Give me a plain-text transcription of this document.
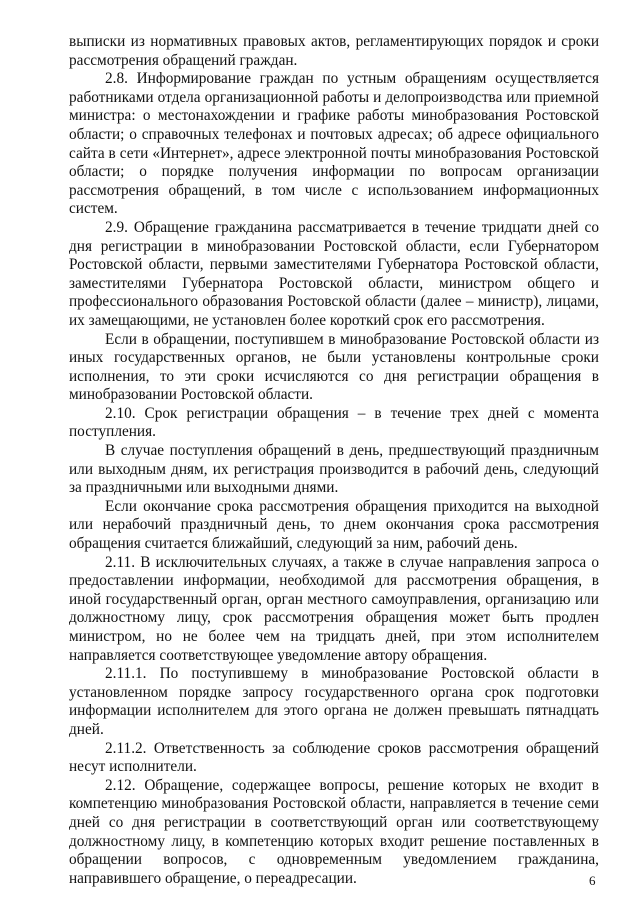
выписки из нормативных правовых актов, регламентирующих порядок и сроки рассмотрения обращений граждан.

2.8. Информирование граждан по устным обращениям осуществляется работниками отдела организационной работы и делопроизводства или приемной министра: о местонахождении и графике работы минобразования Ростовской области; о справочных телефонах и почтовых адресах; об адресе официального сайта в сети «Интернет», адресе электронной почты минобразования Ростовской области; о порядке получения информации по вопросам организации рассмотрения обращений, в том числе с использованием информационных систем.

2.9. Обращение гражданина рассматривается в течение тридцати дней со дня регистрации в минобразовании Ростовской области, если Губернатором Ростовской области, первыми заместителями Губернатора Ростовской области, заместителями Губернатора Ростовской области, министром общего и профессионального образования Ростовской области (далее – министр), лицами, их замещающими, не установлен более короткий срок его рассмотрения.

Если в обращении, поступившем в минобразование Ростовской области из иных государственных органов, не были установлены контрольные сроки исполнения, то эти сроки исчисляются со дня регистрации обращения в минобразовании Ростовской области.

2.10. Срок регистрации обращения – в течение трех дней с момента поступления.

В случае поступления обращений в день, предшествующий праздничным или выходным дням, их регистрация производится в рабочий день, следующий за праздничными или выходными днями.

Если окончание срока рассмотрения обращения приходится на выходной или нерабочий праздничный день, то днем окончания срока рассмотрения обращения считается ближайший, следующий за ним, рабочий день.

2.11. В исключительных случаях, а также в случае направления запроса о предоставлении информации, необходимой для рассмотрения обращения, в иной государственный орган, орган местного самоуправления, организацию или должностному лицу, срок рассмотрения обращения может быть продлен министром, но не более чем на тридцать дней, при этом исполнителем направляется соответствующее уведомление автору обращения.

2.11.1. По поступившему в минобразование Ростовской области в установленном порядке запросу государственного органа срок подготовки информации исполнителем для этого органа не должен превышать пятнадцать дней.

2.11.2. Ответственность за соблюдение сроков рассмотрения обращений несут исполнители.

2.12. Обращение, содержащее вопросы, решение которых не входит в компетенцию минобразования Ростовской области, направляется в течение семи дней со дня регистрации в соответствующий орган или соответствующему должностному лицу, в компетенцию которых входит решение поставленных в обращении вопросов, с одновременным уведомлением гражданина, направившего обращение, о переадресации.	6
